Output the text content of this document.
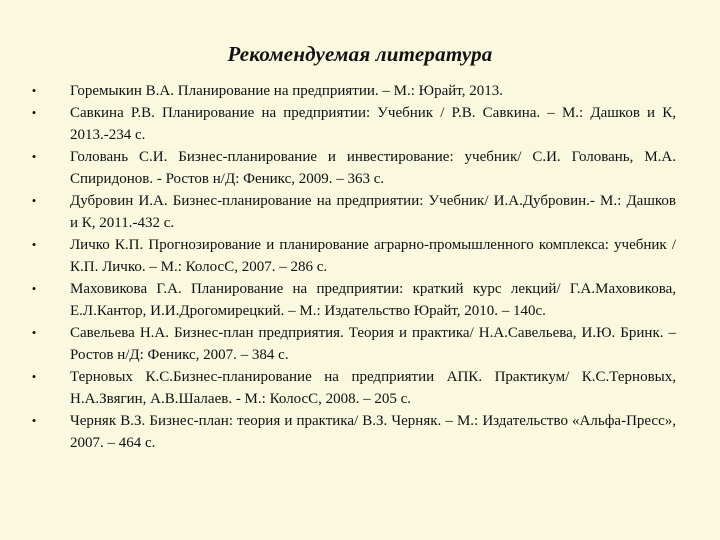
Рекомендуемая литература
• Горемыкин В.А. Планирование на предприятии. – М.: Юрайт, 2013.
• Савкина Р.В. Планирование на предприятии: Учебник / Р.В. Савкина. – М.: Дашков и К, 2013.-234 с.
• Головань С.И. Бизнес-планирование и инвестирование: учебник/ С.И. Головань, М.А. Спиридонов. - Ростов н/Д: Феникс, 2009. – 363 с.
• Дубровин И.А. Бизнес-планирование на предприятии: Учебник/ И.А.Дубровин.- М.: Дашков и К, 2011.-432 с.
• Личко К.П. Прогнозирование и планирование аграрно-промышленного комплекса: учебник / К.П. Личко. – М.: КолосС, 2007. – 286 с.
• Маховикова Г.А. Планирование на предприятии: краткий курс лекций/ Г.А.Маховикова, Е.Л.Кантор, И.И.Дрогомирецкий. – М.: Издательство Юрайт, 2010. – 140с.
• Савельева Н.А. Бизнес-план предприятия. Теория и практика/ Н.А.Савельева, И.Ю. Бринк. – Ростов н/Д: Феникс, 2007. – 384 с.
• Терновых К.С.Бизнес-планирование на предприятии АПК. Практикум/ К.С.Терновых, Н.А.Звягин, А.В.Шалаев. - М.: КолосС, 2008. – 205 с.
• Черняк В.З. Бизнес-план: теория и практика/ В.З. Черняк. – М.: Издательство «Альфа-Пресс», 2007. – 464 с.
